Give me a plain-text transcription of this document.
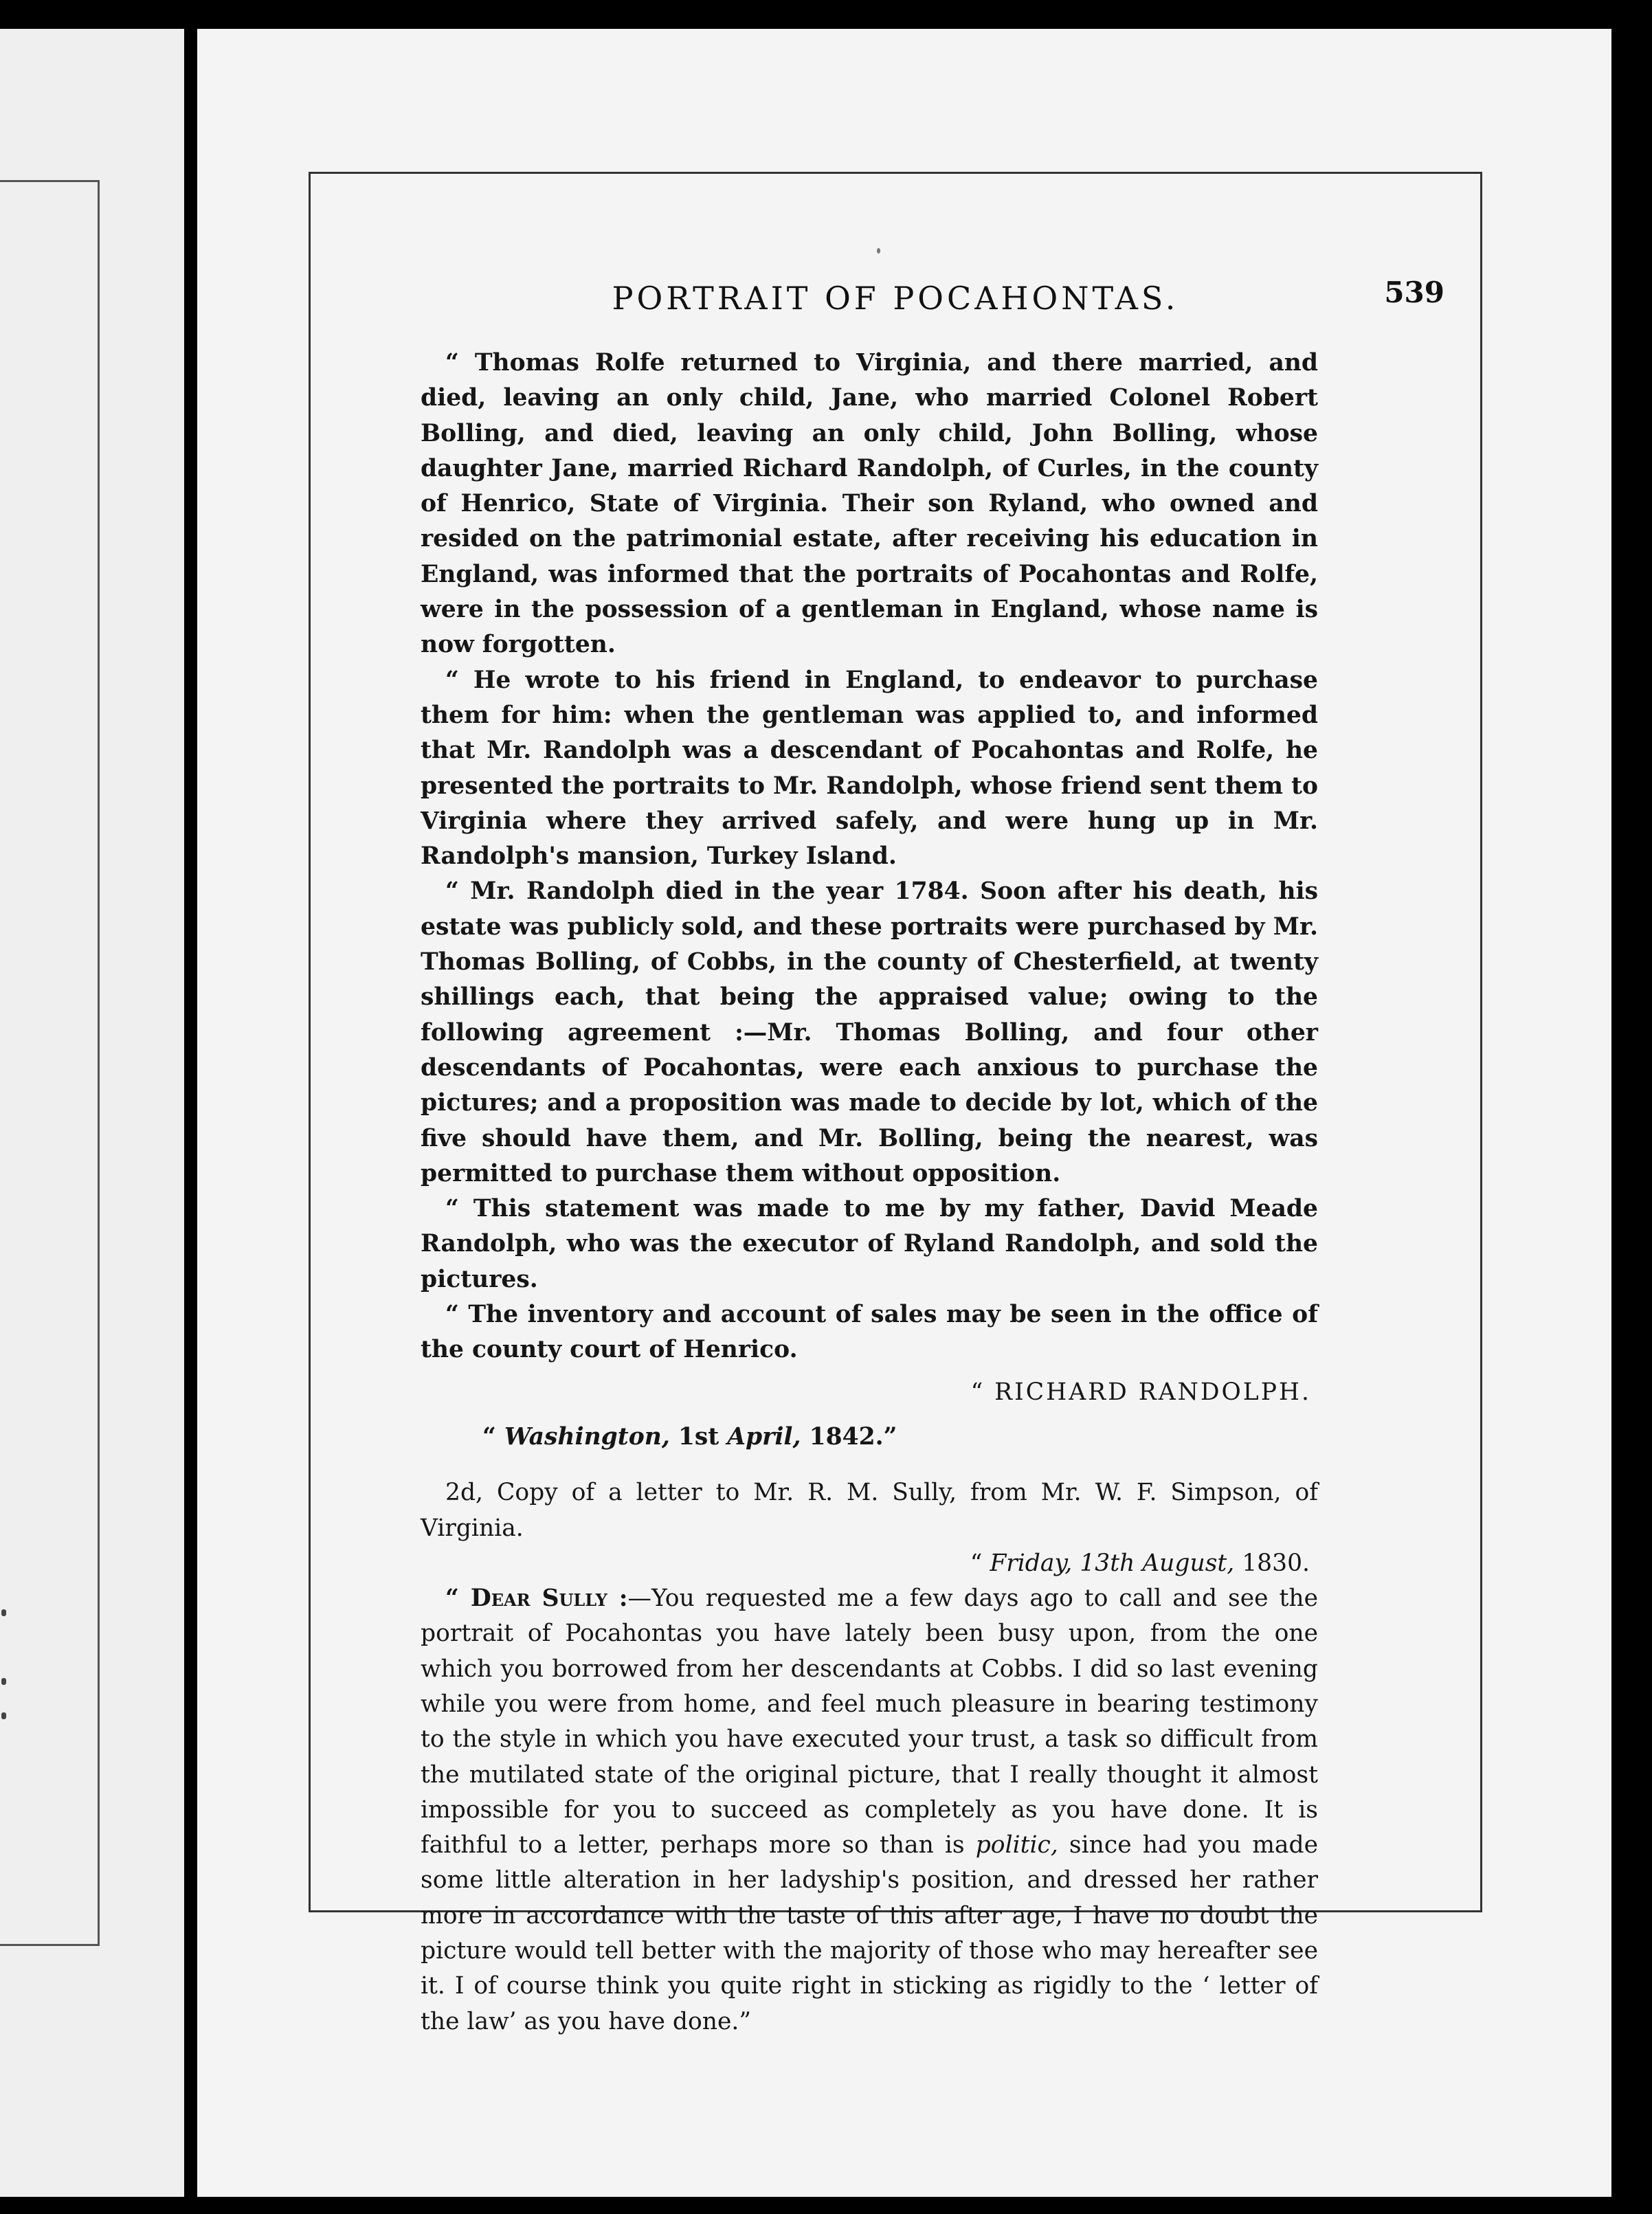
PORTRAIT OF POCAHONTAS.	539

“ Thomas Rolfe returned to Virginia, and there married, and died, leaving an only child, Jane, who married Colonel Robert Bolling, and died, leaving an only child, John Bolling, whose daughter Jane, married Richard Randolph, of Curles, in the county of Henrico, State of Virginia. Their son Ryland, who owned and resided on the patrimonial estate, after receiving his education in England, was informed that the portraits of Pocahontas and Rolfe, were in the possession of a gentleman in England, whose name is now forgotten.

“ He wrote to his friend in England, to endeavor to purchase them for him: when the gentleman was applied to, and informed that Mr. Randolph was a descendant of Pocahontas and Rolfe, he presented the portraits to Mr. Randolph, whose friend sent them to Virginia where they arrived safely, and were hung up in Mr. Randolph's mansion, Turkey Island.

“ Mr. Randolph died in the year 1784. Soon after his death, his estate was publicly sold, and these portraits were purchased by Mr. Thomas Bolling, of Cobbs, in the county of Chesterfield, at twenty shillings each, that being the appraised value; owing to the following agreement :—Mr. Thomas Bolling, and four other descendants of Pocahontas, were each anxious to purchase the pictures; and a proposition was made to decide by lot, which of the five should have them, and Mr. Bolling, being the nearest, was permitted to purchase them without opposition.

“ This statement was made to me by my father, David Meade Randolph, who was the executor of Ryland Randolph, and sold the pictures.

“ The inventory and account of sales may be seen in the office of the county court of Henrico.

“ RICHARD RANDOLPH.

“ Washington, 1st April, 1842.”

2d, Copy of a letter to Mr. R. M. Sully, from Mr. W. F. Simpson, of Virginia.

“ Friday, 13th August, 1830.

“ Dear Sully :—You requested me a few days ago to call and see the portrait of Pocahontas you have lately been busy upon, from the one which you borrowed from her descendants at Cobbs. I did so last evening while you were from home, and feel much pleasure in bearing testimony to the style in which you have executed your trust, a task so difficult from the mutilated state of the original picture, that I really thought it almost impossible for you to succeed as completely as you have done. It is faithful to a letter, perhaps more so than is politic, since had you made some little alteration in her ladyship's position, and dressed her rather more in accordance with the taste of this after age, I have no doubt the picture would tell better with the majority of those who may hereafter see it. I of course think you quite right in sticking as rigidly to the ‘ letter of the law’ as you have done.”
